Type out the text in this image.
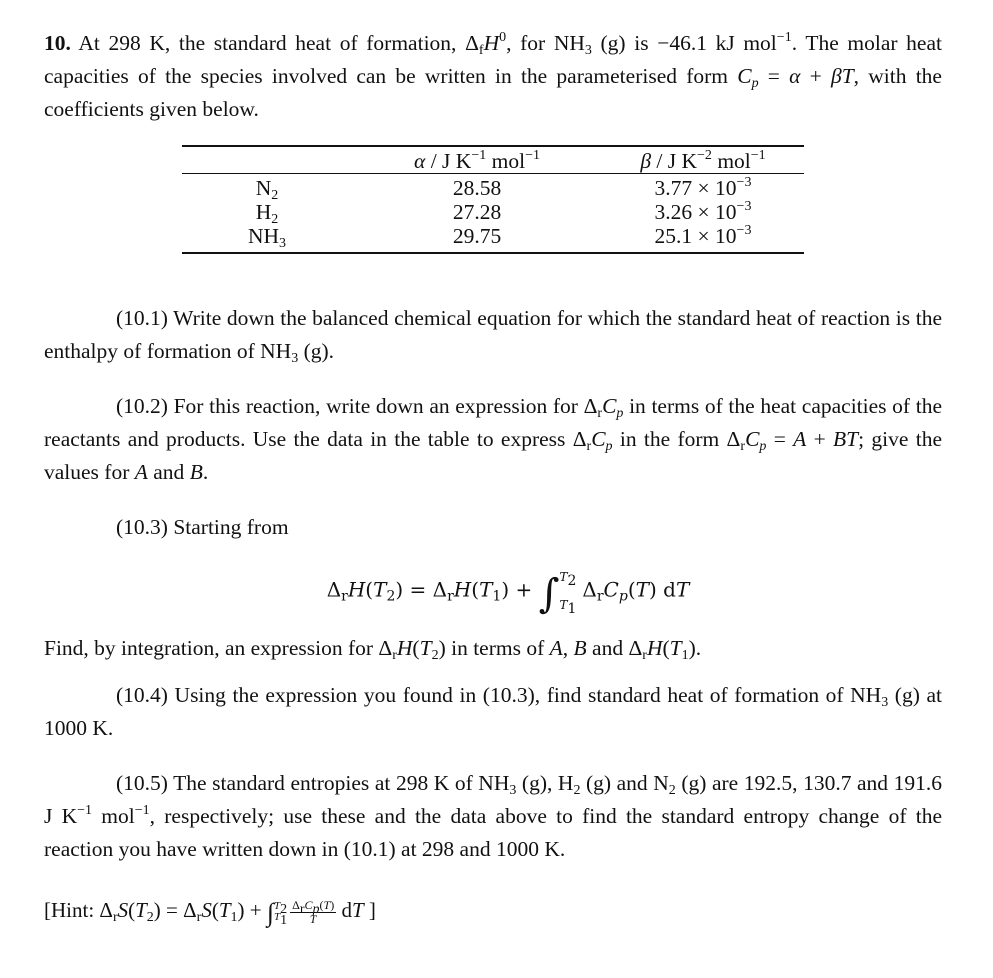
10. At 298 K, the standard heat of formation, $\Delta_fH^0$, for $NH_3$ (g) is −46.1 kJ mol$^{-1}$. The molar heat capacities of the species involved can be written in the parameterised form $C_p = \alpha + \beta T$, with the coefficients given below.

	α / J $K^{-1}$ mol$^{-1}$	β / J $K^{-2}$ mol$^{-1}$
$N_2$	28.58	$3.77 \times 10^{-3}$
$H_2$	27.28	$3.26 \times 10^{-3}$
$NH_3$	29.75	$25.1 \times 10^{-3}$

(10.1) Write down the balanced chemical equation for which the standard heat of reaction is the enthalpy of formation of $NH_3$ (g).

(10.2) For this reaction, write down an expression for $\Delta_rC_p$ in terms of the heat capacities of the reactants and products. Use the data in the table to express $\Delta_rC_p$ in the form $\Delta_rC_p = A$ + BT; give the values for A and B.

(10.3) Starting from

$\Delta_rH(T_2) = \Delta_rH(T_1) + \int T_2$

$T_1\Delta_rC_p(T)$ dT

Find, by integration, an expression for $\Delta_rH(T_2)$ in terms of A, B and $\Delta_rH(T_1)$.

(10.4) Using the expression you found in (10.3), find standard heat of formation of $NH_3$ (g) at 1000 K.

(10.5) The standard entropies at 298 K of $NH_3$ (g), $H_2$ (g) and $N_2$ (g) are 192.5, 130.7 and 191.6 J $K^{-1}$ mol$^{-1}$, respectively; use these and the data above to find the standard entropy change of the reaction you have written down in (10.1) at 298 and 1000 K.

[Hint: $\Delta_rS(T_2) = \Delta_rS(T_1) + \int T_2$
$T_1 \frac{\Delta_rC_p(T)}{T}$ dT ]
